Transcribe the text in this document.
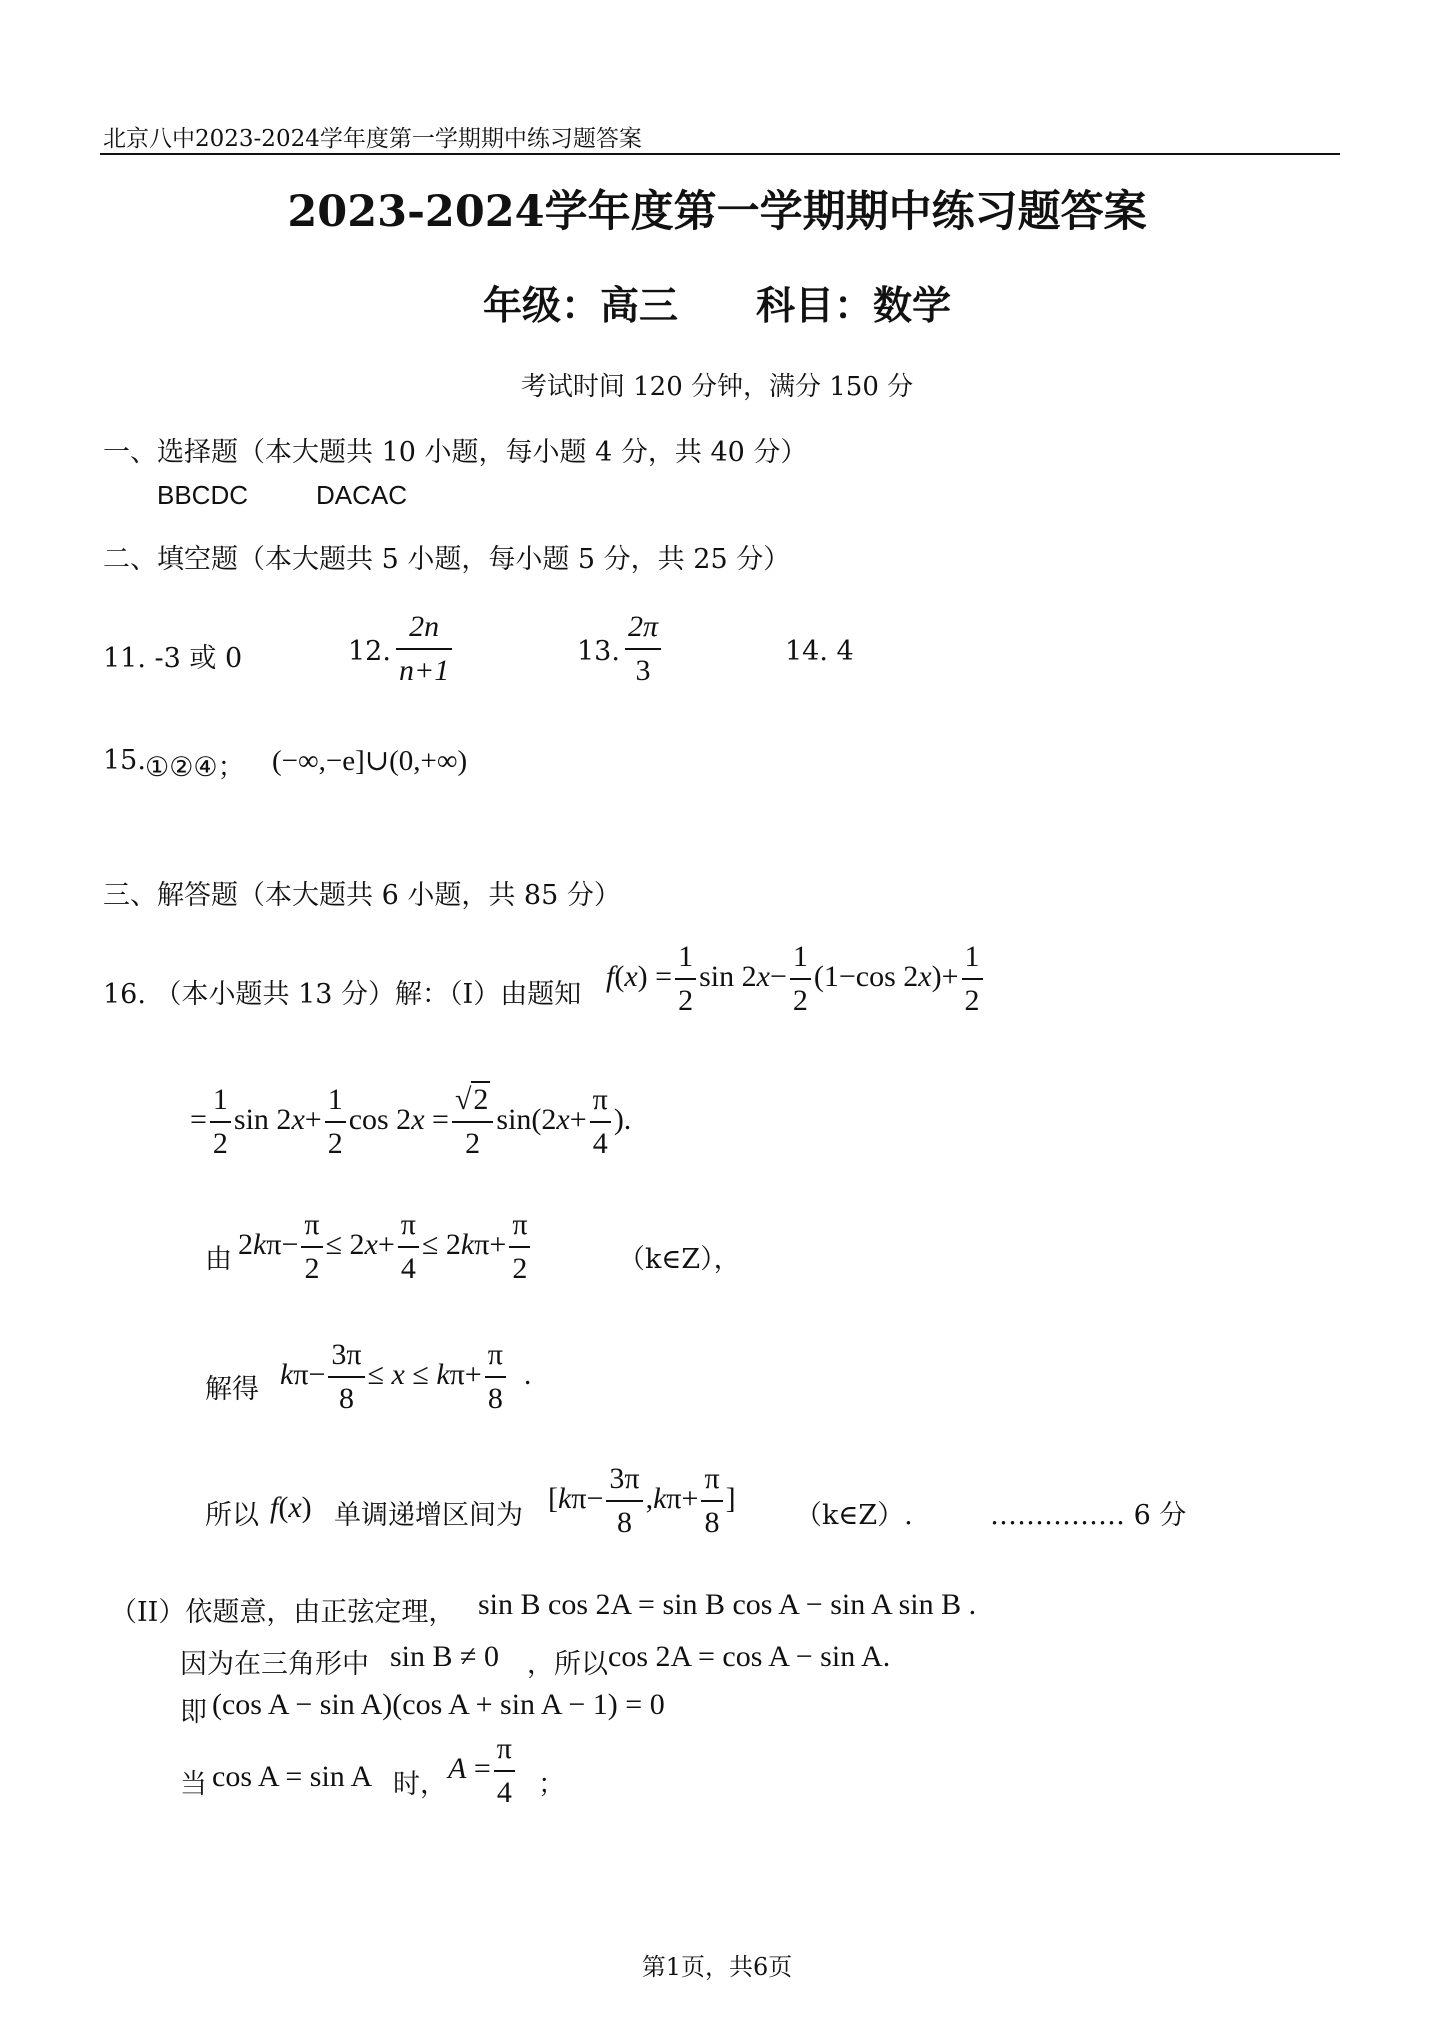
北京八中2023-2024学年度第一学期期中练习题答案
2023-2024学年度第一学期期中练习题答案
年级：高三　　科目：数学
考试时间 120 分钟，满分 150 分
一、选择题（本大题共 10 小题，每小题 4 分，共 40 分）
BBCDC	DACAC
二、填空题（本大题共 5 小题，每小题 5 分，共 25 分）
11. -3 或 0	12. $\frac{2n}{n+1}$	13. $\frac{2\pi}{3}$	14. 4
15. ①②④； (−∞,−e]∪(0,+∞)
三、解答题（本大题共 6 小题，共 85 分）
16. （本小题共 13 分）解：（I）由题知
$f(x) = \frac{1}{2}$ $\sin 2x- \frac{1}{2} (1-\cos$ $2x)+ \frac{1}{2}$
= $\frac{1}{2}$ $\sin 2x+ \frac{1}{2}$ $\cos 2x = \frac{√2}{2} \sin(2x+ \frac{\pi}{4}$ ).
由 $2k\pi- \frac{\pi}{2} \le 2x+ \frac{\pi}{4} \le 2k\pi+ \frac{\pi}{2}$	（k∈Z），
解得 $k\pi- \frac{3\pi}{8} \le x \le k\pi+ \frac{\pi}{8}$ .
所以 f(x) 单调递增区间为
[$k\pi- \frac{3\pi}{8} ,k\pi+ \frac{\pi}{8}$ ]
（k∈Z）.	…………… 6 分
（II）依题意，由正弦定理， sin B cos 2A = sin B cos A − sin A sin B .
因为在三角形中 sin B ≠ 0 ，所以 cos 2A = cos A − sin A.
即 (cos A − sin A)(cos A + sin A − 1) = 0
当 cos A = sin A 时， $A = \frac{\pi}{4}$ ；
第1页，共6页
